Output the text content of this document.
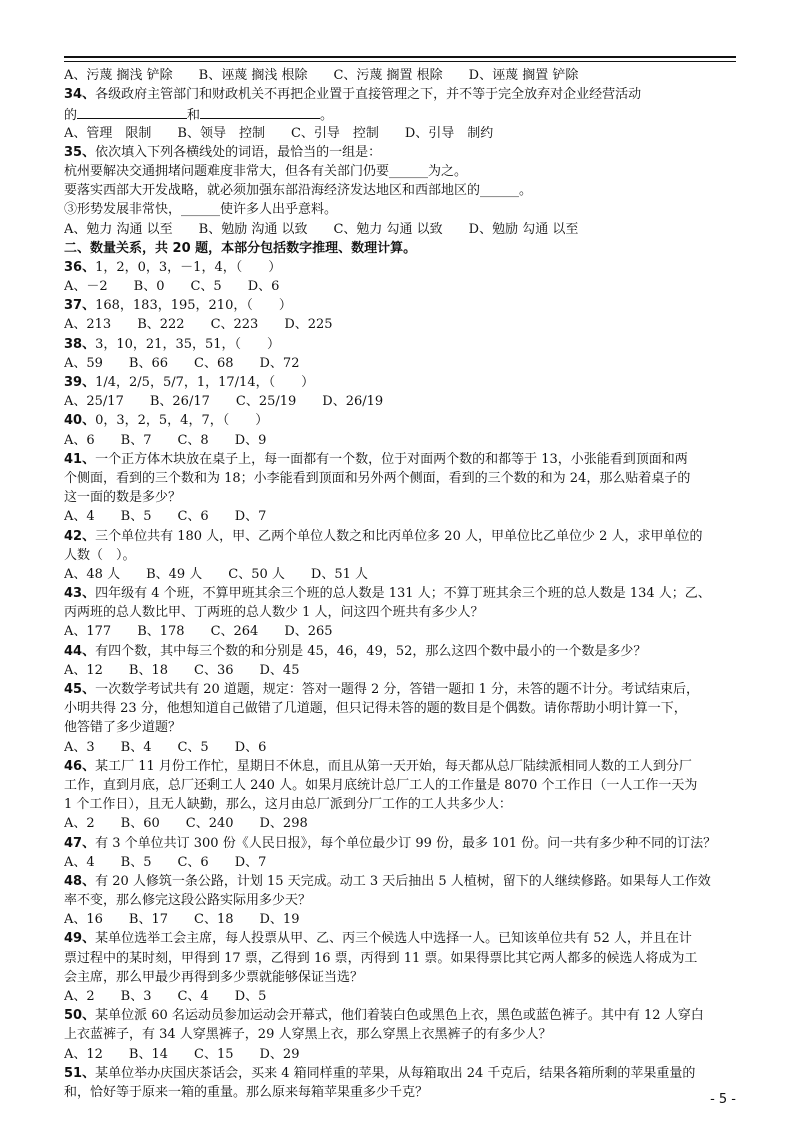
A、污蔑 搁浅 铲除　　B、诬蔑 搁浅 根除　　C、污蔑 搁置 根除　　D、诬蔑 搁置 铲除
34、各级政府主管部门和财政机关不再把企业置于直接管理之下，并不等于完全放弃对企业经营活动
的	和	。
A、管理　限制　　B、领导　控制　　C、引导　控制　　D、引导　制约
35、依次填入下列各横线处的词语，最恰当的一组是：
杭州要解决交通拥堵问题难度非常大，但各有关部门仍要______为之。
要落实西部大开发战略，就必须加强东部沿海经济发达地区和西部地区的______。
③形势发展非常快，______使许多人出乎意料。
A、勉力 沟通 以至　　B、勉励 沟通 以致　　C、勉力 勾通 以致　　D、勉励 勾通 以至
二、数量关系，共 20 题，本部分包括数字推理、数理计算。
36、1，2，0，3，－1，4，（　　）
A、－2　　B、0　　C、5　　D、6
37、168，183，195，210，（　　）
A、213　　B、222　　C、223　　D、225
38、3，10，21，35，51，（　　）
A、59　　B、66　　C、68　　D、72
39、1/4，2/5，5/7，1，17/14，（　　）
A、25/17　　B、26/17　　C、25/19　　D、26/19
40、0，3，2，5，4，7，（　　）
A、6　　B、7　　C、8　　D、9
41、一个正方体木块放在桌子上，每一面都有一个数，位于对面两个数的和都等于 13，小张能看到顶面和两
个侧面，看到的三个数和为 18；小李能看到顶面和另外两个侧面，看到的三个数的和为 24，那么贴着桌子的
这一面的数是多少？
A、4　　B、5　　C、6　　D、7
42、三个单位共有 180 人，甲、乙两个单位人数之和比丙单位多 20 人，甲单位比乙单位少 2 人，求甲单位的
人数（　）。
A、48 人　　B、49 人　　C、50 人　　D、51 人
43、四年级有 4 个班，不算甲班其余三个班的总人数是 131 人；不算丁班其余三个班的总人数是 134 人；乙、
丙两班的总人数比甲、丁两班的总人数少 1 人，问这四个班共有多少人？
A、177　　B、178　　C、264　　D、265
44、有四个数，其中每三个数的和分别是 45，46，49，52，那么这四个数中最小的一个数是多少？
A、12　　B、18　　C、36　　D、45
45、一次数学考试共有 20 道题，规定：答对一题得 2 分，答错一题扣 1 分，未答的题不计分。考试结束后，
小明共得 23 分，他想知道自己做错了几道题，但只记得未答的题的数目是个偶数。请你帮助小明计算一下，
他答错了多少道题？
A、3　　B、4　　C、5　　D、6
46、某工厂 11 月份工作忙，星期日不休息，而且从第一天开始，每天都从总厂陆续派相同人数的工人到分厂
工作，直到月底，总厂还剩工人 240 人。如果月底统计总厂工人的工作量是 8070 个工作日（一人工作一天为
1 个工作日），且无人缺勤，那么，这月由总厂派到分厂工作的工人共多少人：
A、2　　B、60　　C、240　　D、298
47、有 3 个单位共订 300 份《人民日报》，每个单位最少订 99 份，最多 101 份。问一共有多少种不同的订法？
A、4　　B、5　　C、6　　D、7
48、有 20 人修筑一条公路，计划 15 天完成。动工 3 天后抽出 5 人植树，留下的人继续修路。如果每人工作效
率不变，那么修完这段公路实际用多少天？
A、16　　B、17　　C、18　　D、19
49、某单位选举工会主席，每人投票从甲、乙、丙三个候选人中选择一人。已知该单位共有 52 人，并且在计
票过程中的某时刻，甲得到 17 票，乙得到 16 票，丙得到 11 票。如果得票比其它两人都多的候选人将成为工
会主席，那么甲最少再得到多少票就能够保证当选？
A、2　　B、3　　C、4　　D、5
50、某单位派 60 名运动员参加运动会开幕式，他们着装白色或黑色上衣，黑色或蓝色裤子。其中有 12 人穿白
上衣蓝裤子，有 34 人穿黑裤子，29 人穿黑上衣，那么穿黑上衣黑裤子的有多少人？
A、12　　B、14　　C、15　　D、29
51、某单位举办庆国庆茶话会，买来 4 箱同样重的苹果，从每箱取出 24 千克后，结果各箱所剩的苹果重量的
和，恰好等于原来一箱的重量。那么原来每箱苹果重多少千克？	- 5 -
